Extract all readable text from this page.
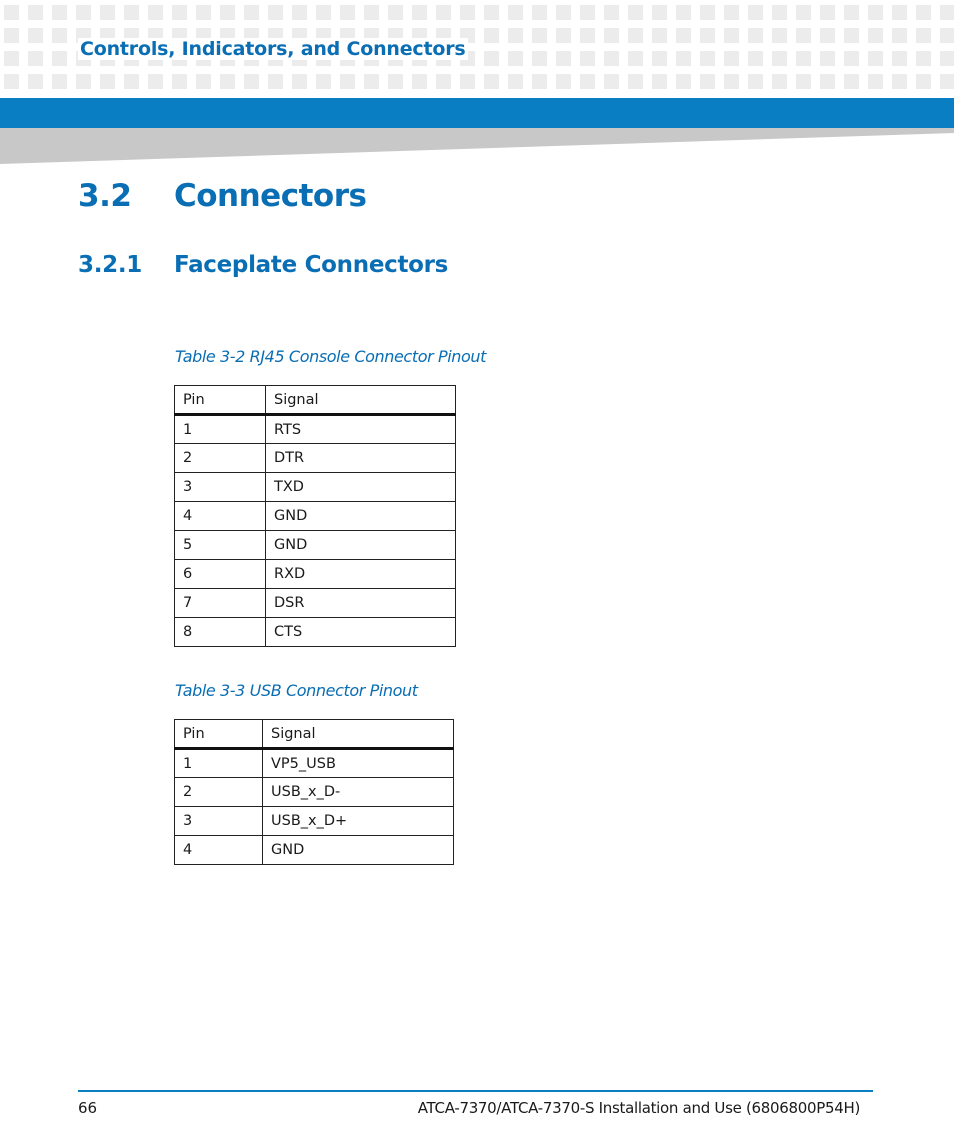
Controls, Indicators, and Connectors
3.2 Connectors
3.2.1 Faceplate Connectors
Table 3-2 RJ45 Console Connector Pinout
Pin	Signal
1	RTS
2	DTR
3	TXD
4	GND
5	GND
6	RXD
7	DSR
8	CTS
Table 3-3 USB Connector Pinout
Pin	Signal
1	VP5_USB
2	USB_x_D-
3	USB_x_D+
4	GND
66	ATCA-7370/ATCA-7370-S Installation and Use (6806800P54H)
